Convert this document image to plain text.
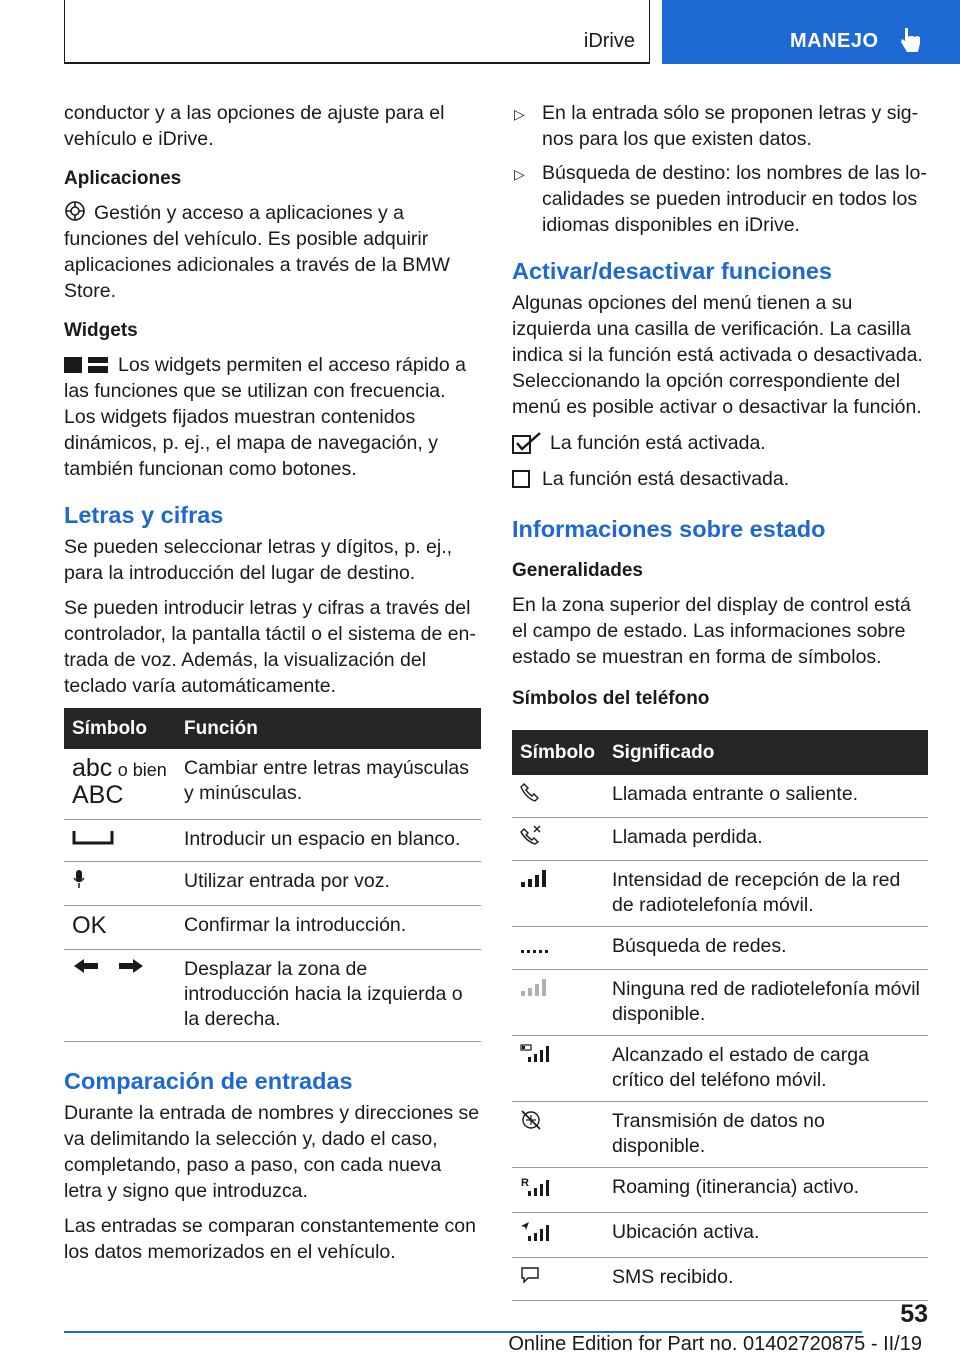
iDrive	MANEJO

conductor y a las opciones de ajuste para el vehículo e iDrive.

Aplicaciones

Gestión y acceso a aplicaciones y a funciones del vehículo. Es posible adquirir aplicaciones adicionales a través de la BMW Store.

Widgets

Los widgets permiten el acceso rápido a las funciones que se utilizan con frecuencia. Los widgets fijados muestran contenidos dinámicos, p. ej., el mapa de navegación, y también funcionan como botones.

Letras y cifras

Se pueden seleccionar letras y dígitos, p. ej., para la introducción del lugar de destino.

Se pueden introducir letras y cifras a través del controlador, la pantalla táctil o el sistema de entrada de voz. Además, la visualización del teclado varía automáticamente.

Símbolo	Función
abc o bien
ABC	Cambiar entre letras mayúsculas y minúsculas.
	Introducir un espacio en blanco.
	Utilizar entrada por voz.
OK	Confirmar la introducción.
	Desplazar la zona de introducción hacia la izquierda o la derecha.
Comparación de entradas

Durante la entrada de nombres y direcciones se va delimitando la selección y, dado el caso, completando, paso a paso, con cada nueva letra y signo que introduzca.

Las entradas se comparan constantemente con los datos memorizados en el vehículo.

▷ En la entrada sólo se proponen letras y signos para los que existen datos.
▷ Búsqueda de destino: los nombres de las localidades se pueden introducir en todos los idiomas disponibles en iDrive.
Activar/desactivar funciones

Algunas opciones del menú tienen a su izquierda una casilla de verificación. La casilla indica si la función está activada o desactivada. Seleccionando la opción correspondiente del menú es posible activar o desactivar la función.

La función está activada.
La función está desactivada.
Informaciones sobre estado
Generalidades

En la zona superior del display de control está el campo de estado. Las informaciones sobre estado se muestran en forma de símbolos.

Símbolos del teléfono
Símbolo	Significado
	Llamada entrante o saliente.
	Llamada perdida.
	Intensidad de recepción de la red de radiotelefonía móvil.
	Búsqueda de redes.
	Ninguna red de radiotelefonía móvil disponible.
	Alcanzado el estado de carga crítico del teléfono móvil.
	Transmisión de datos no disponible.

R	Roaming (itinerancia) activo.
	Ubicación activa.
	SMS recibido.
53
Online Edition for Part no. 01402720875 - II/19
